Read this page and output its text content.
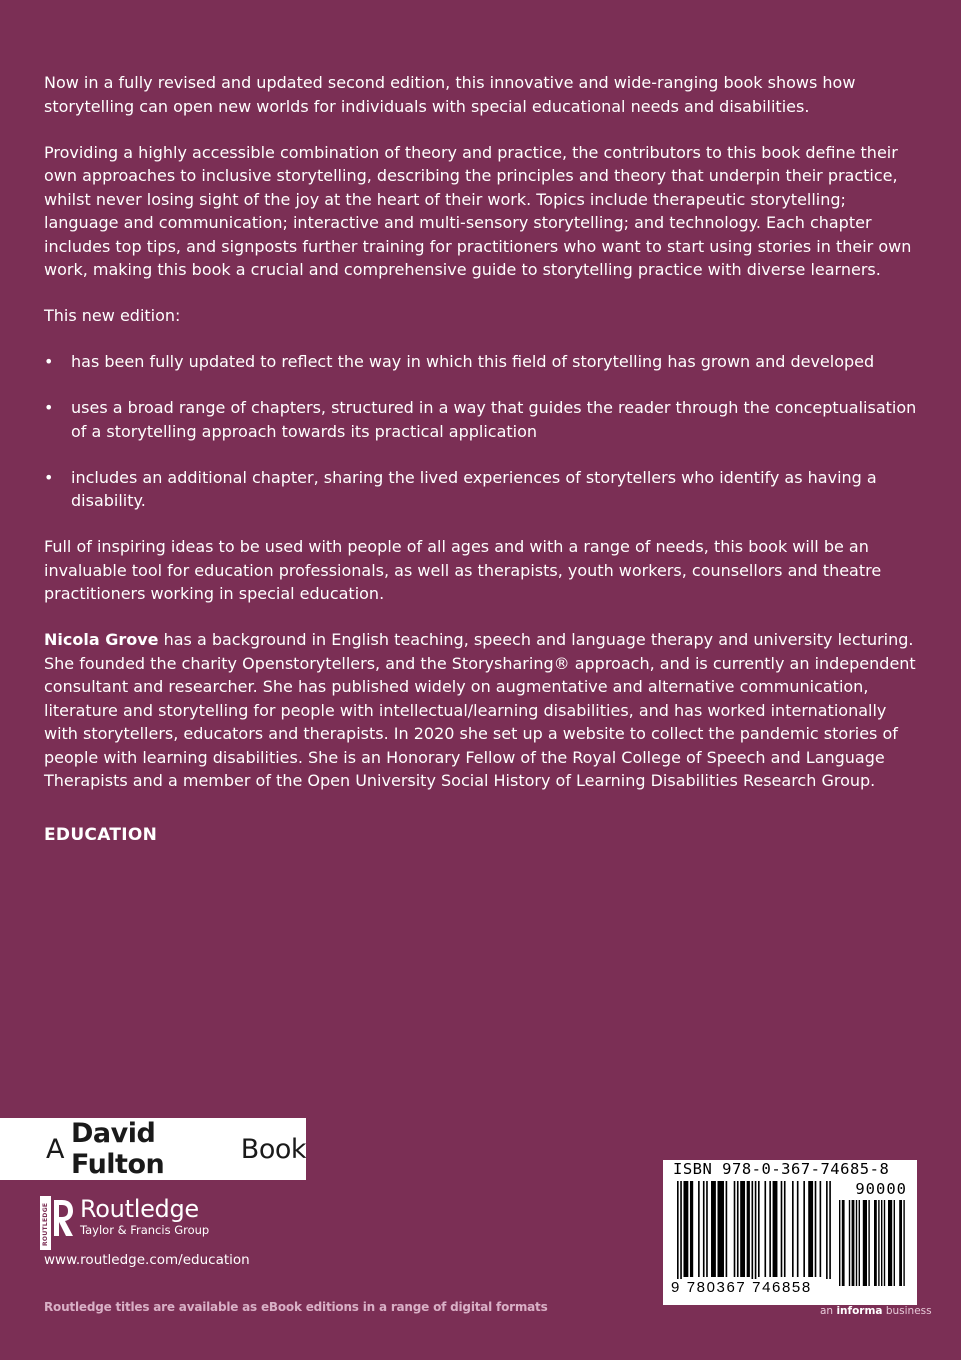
Now in a fully revised and updated second edition, this innovative and wide-ranging book shows how storytelling can open new worlds for individuals with special educational needs and disabilities.

Providing a highly accessible combination of theory and practice, the contributors to this book define their own approaches to inclusive storytelling, describing the principles and theory that underpin their practice, whilst never losing sight of the joy at the heart of their work. Topics include therapeutic storytelling; language and communication; interactive and multi-sensory storytelling; and technology. Each chapter includes top tips, and signposts further training for practitioners who want to start using stories in their own work, making this book a crucial and comprehensive guide to storytelling practice with diverse learners.

This new edition:

• has been fully updated to reflect the way in which this field of storytelling has grown and developed
• uses a broad range of chapters, structured in a way that guides the reader through the conceptualisation of a storytelling approach towards its practical application
• includes an additional chapter, sharing the lived experiences of storytellers who identify as having a disability.

Full of inspiring ideas to be used with people of all ages and with a range of needs, this book will be an invaluable tool for education professionals, as well as therapists, youth workers, counsellors and theatre practitioners working in special education.

Nicola Grove has a background in English teaching, speech and language therapy and university lecturing. She founded the charity Openstorytellers, and the Storysharing® approach, and is currently an independent consultant and researcher. She has published widely on augmentative and alternative communication, literature and storytelling for people with intellectual/learning disabilities, and has worked internationally with storytellers, educators and therapists. In 2020 she set up a website to collect the pandemic stories of people with learning disabilities. She is an Honorary Fellow of the Royal College of Speech and Language Therapists and a member of the Open University Social History of Learning Disabilities Research Group.

EDUCATION
A David Fulton	Book
ROUTLEDGE Routledge
Taylor & Francis Group
www.routledge.com/education
Routledge titles are available as eBook editions in a range of digital formats
ISBN 978-0-367-74685-8
90000
9 780367 746858
an informa business
